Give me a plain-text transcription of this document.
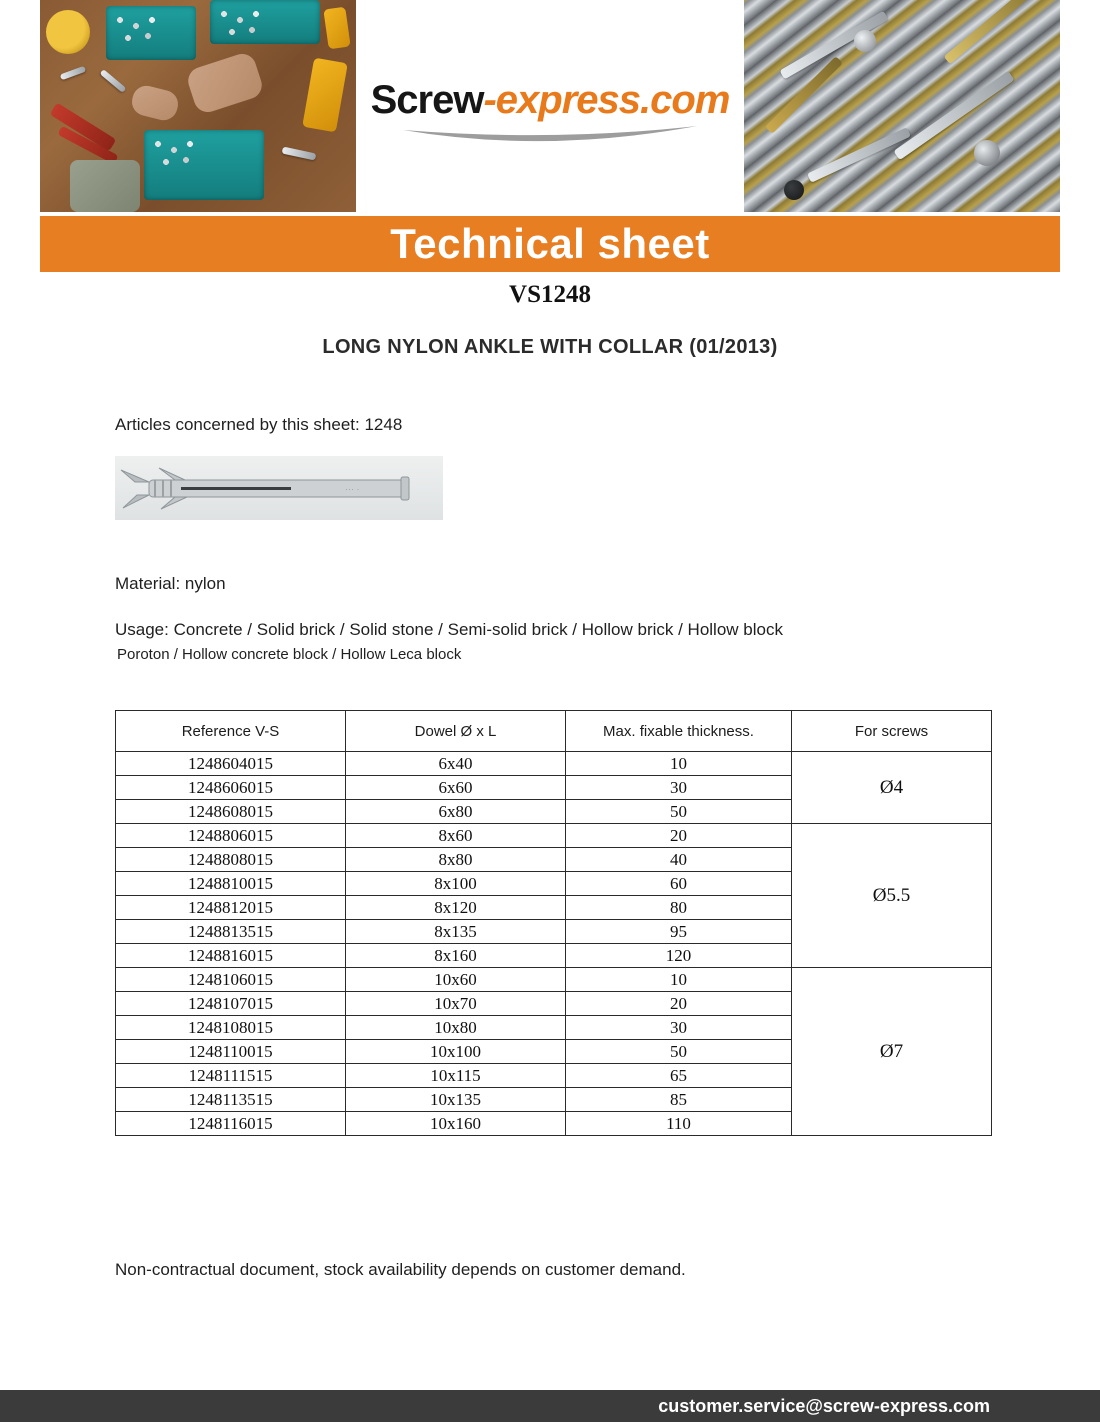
Screw-express.com
Technical sheet
VS1248
LONG NYLON ANKLE WITH COLLAR (01/2013)
Articles concerned by this sheet: 1248
··· ·
Material: nylon
Usage: Concrete / Solid brick / Solid stone / Semi-solid brick / Hollow brick / Hollow block
Poroton / Hollow concrete block / Hollow Leca block
Reference V-S	Dowel Ø x L	Max. fixable thickness.	For screws
1248604015	6x40	10	Ø4
1248606015	6x60	30	
1248608015	6x80	50	
1248806015	8x60	20	Ø5.5
1248808015	8x80	40	
1248810015	8x100	60	
1248812015	8x120	80	
1248813515	8x135	95	
1248816015	8x160	120	
1248106015	10x60	10	Ø7
1248107015	10x70	20	
1248108015	10x80	30	
1248110015	10x100	50	
1248111515	10x115	65	
1248113515	10x135	85	
1248116015	10x160	110	
Non-contractual document, stock availability depends on customer demand.
customer.service@screw-express.com
